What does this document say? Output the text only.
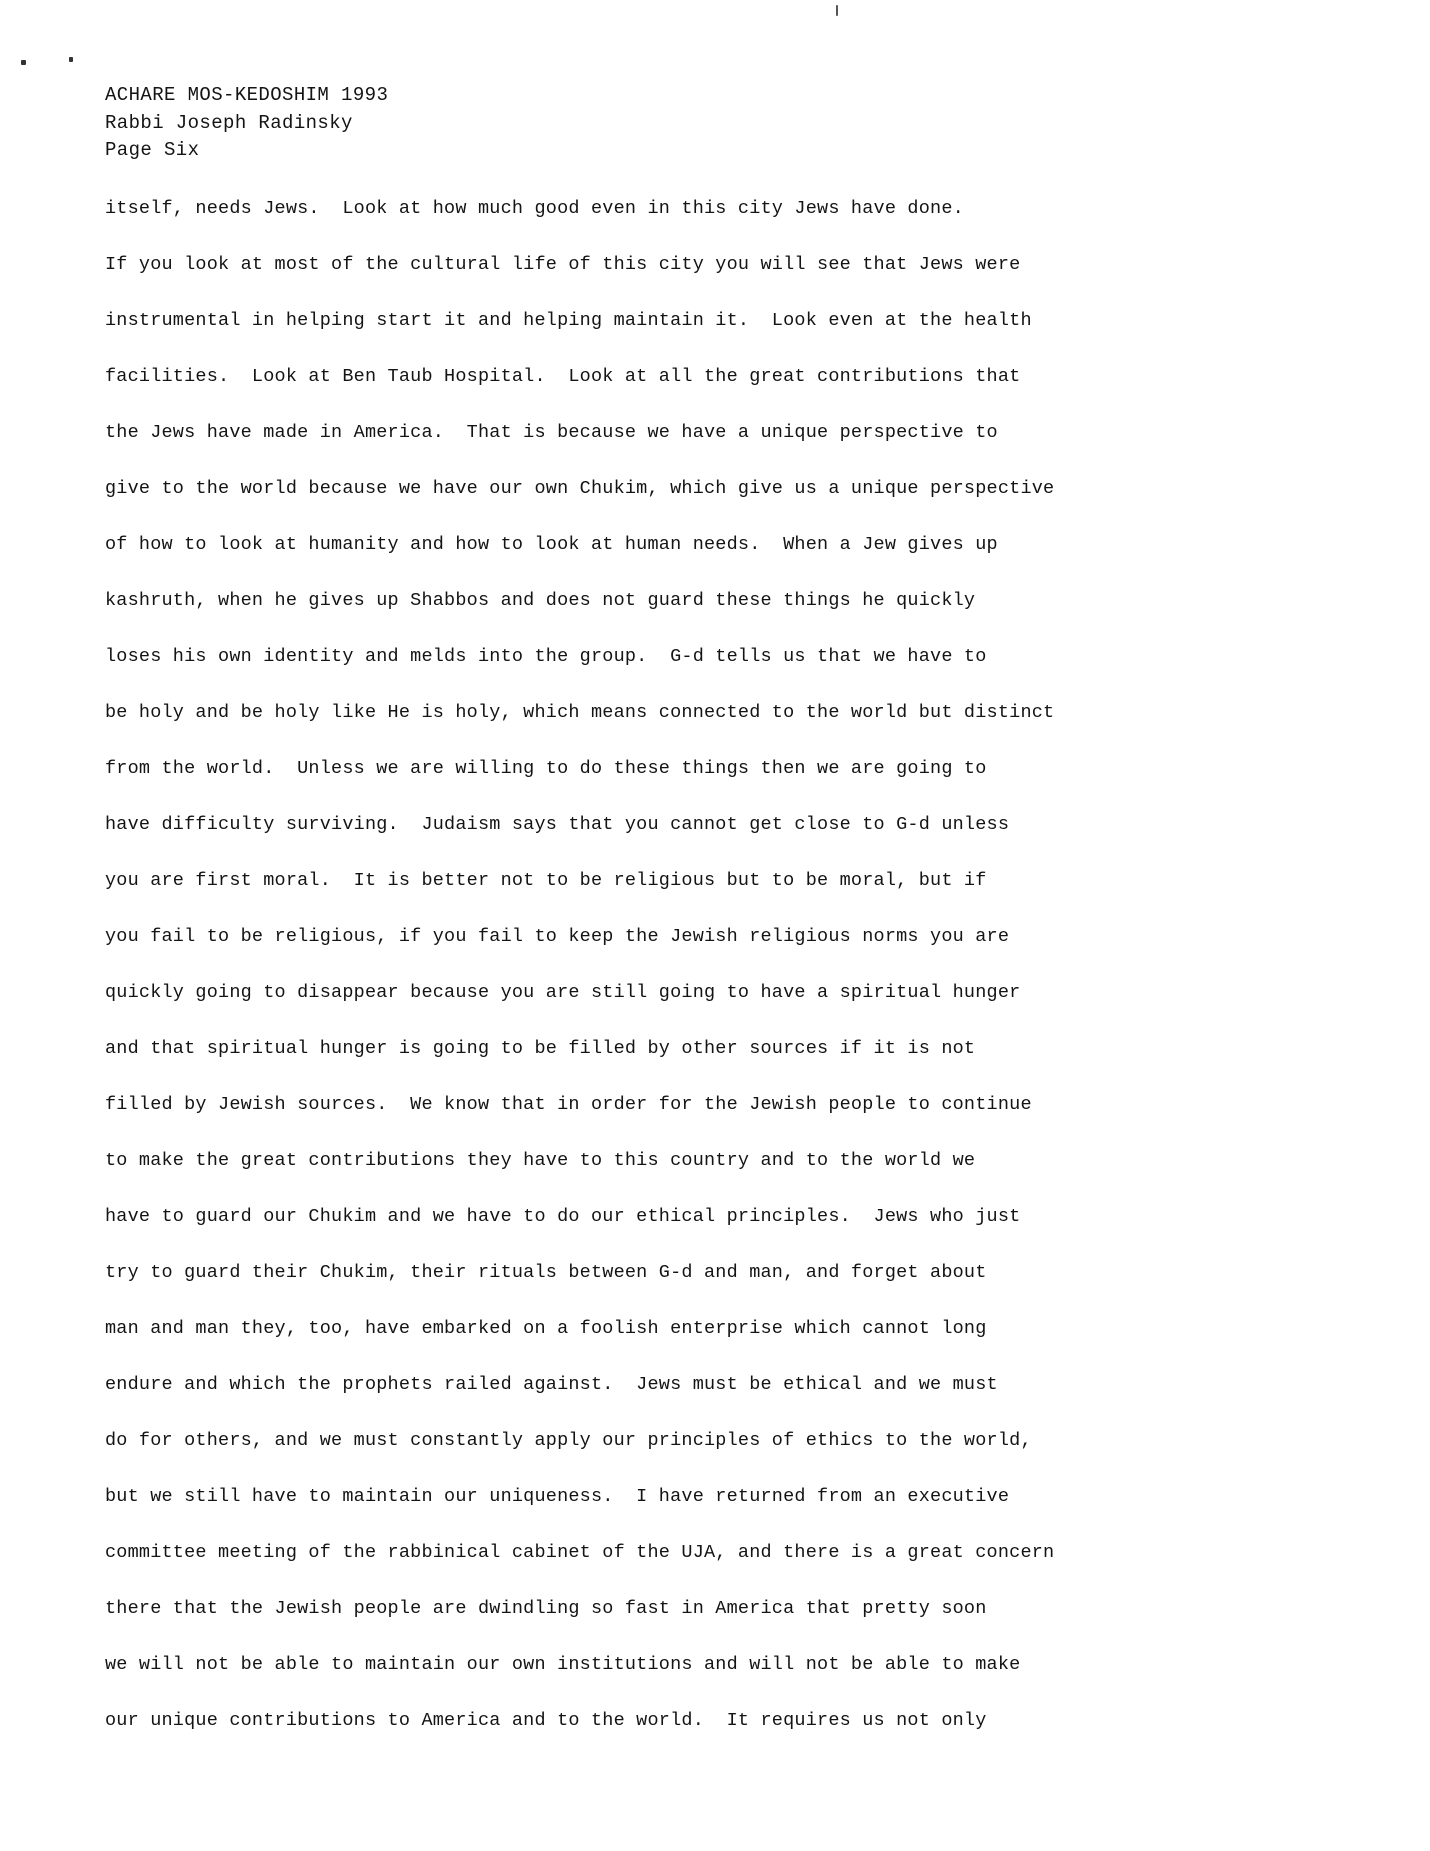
ACHARE MOS-KEDOSHIM 1993
Rabbi Joseph Radinsky
Page Six
itself, needs Jews.  Look at how much good even in this city Jews have done.
If you look at most of the cultural life of this city you will see that Jews were
instrumental in helping start it and helping maintain it.  Look even at the health
facilities.  Look at Ben Taub Hospital.  Look at all the great contributions that
the Jews have made in America.  That is because we have a unique perspective to
give to the world because we have our own Chukim, which give us a unique perspective
of how to look at humanity and how to look at human needs.  When a Jew gives up
kashruth, when he gives up Shabbos and does not guard these things he quickly
loses his own identity and melds into the group.  G-d tells us that we have to
be holy and be holy like He is holy, which means connected to the world but distinct
from the world.  Unless we are willing to do these things then we are going to
have difficulty surviving.  Judaism says that you cannot get close to G-d unless
you are first moral.  It is better not to be religious but to be moral, but if
you fail to be religious, if you fail to keep the Jewish religious norms you are
quickly going to disappear because you are still going to have a spiritual hunger
and that spiritual hunger is going to be filled by other sources if it is not
filled by Jewish sources.  We know that in order for the Jewish people to continue
to make the great contributions they have to this country and to the world we
have to guard our Chukim and we have to do our ethical principles.  Jews who just
try to guard their Chukim, their rituals between G-d and man, and forget about
man and man they, too, have embarked on a foolish enterprise which cannot long
endure and which the prophets railed against.  Jews must be ethical and we must
do for others, and we must constantly apply our principles of ethics to the world,
but we still have to maintain our uniqueness.  I have returned from an executive
committee meeting of the rabbinical cabinet of the UJA, and there is a great concern
there that the Jewish people are dwindling so fast in America that pretty soon
we will not be able to maintain our own institutions and will not be able to make
our unique contributions to America and to the world.  It requires us not only
